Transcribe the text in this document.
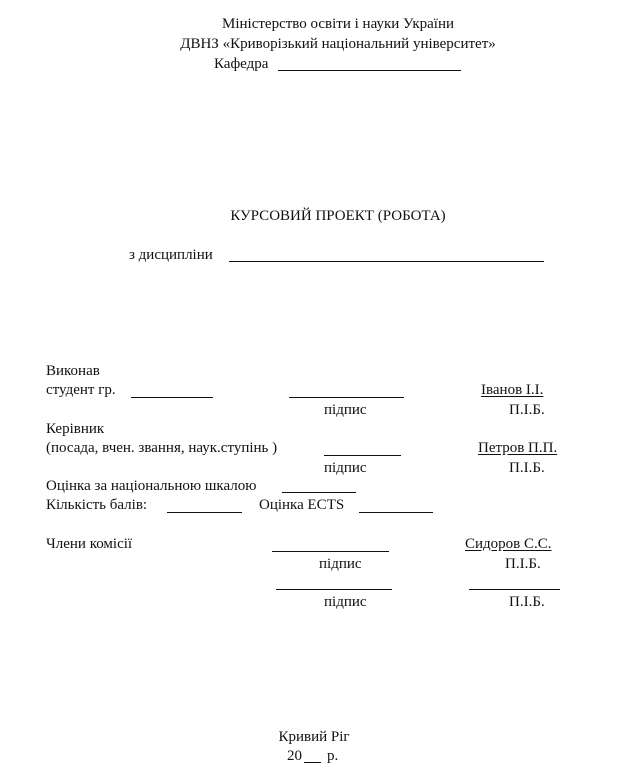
Міністерство освіти і науки України
ДВНЗ «Криворізький національний університет»
Кафедра
КУРСОВИЙ ПРОЕКТ (РОБОТА)
з дисципліни
Виконав
студент гр.	Іванов І.І.
підпис	П.І.Б.
Керівник
(посада, вчен. звання, наук.ступінь )	Петров П.П.
підпис	П.І.Б.
Оцінка за національною шкалою
Кількість балів:	Оцінка ECTS
Члени комісії	Сидоров С.С.
підпис	П.І.Б.
підпис	П.І.Б.
Кривий Ріг
20 р.
